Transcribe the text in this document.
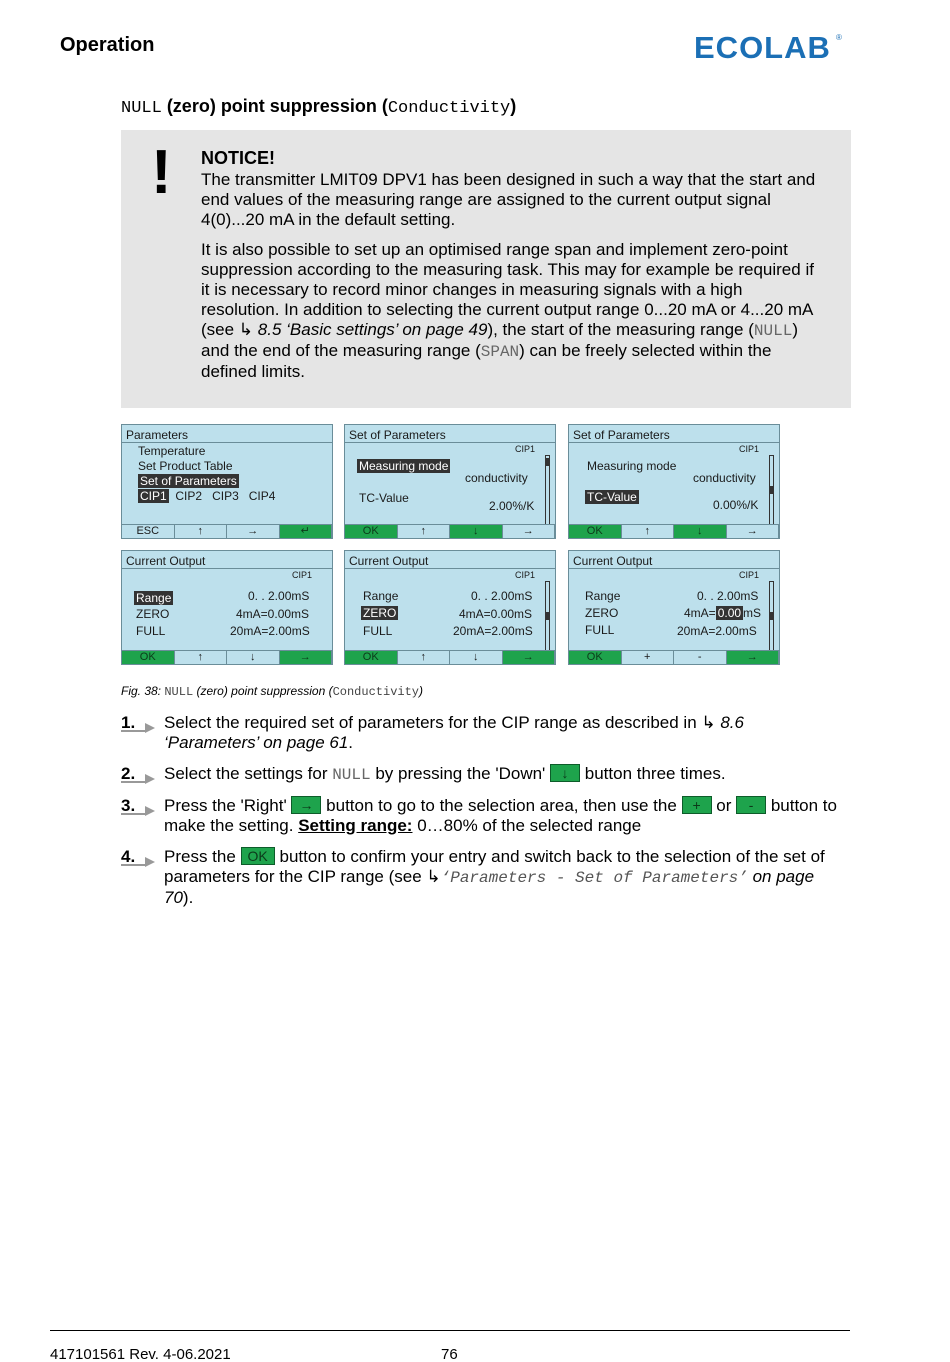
Operation	ECOLAB ®
NULL (zero) point suppression (Conductivity)
! NOTICE!

The transmitter LMIT09 DPV1 has been designed in such a way that the start and end values of the measuring range are assigned to the current output signal 4(0)...20 mA in the default setting.

It is also possible to set up an optimised range span and implement zero-point suppression according to the measuring task. This may for example be required if it is necessary to record minor changes in measuring signals with a high resolution. In addition to selecting the current output range 0...20 mA or 4...20 mA (see ↳ 8.5 ‘Basic settings’ on page 49), the start of the measuring range (NULL) and the end of the measuring range (SPAN) can be freely selected within the defined limits.

Parameters
Temperature
Set Product Table
Set of Parameters
CIP1 CIP2 CIP3 CIP4
ESC	↑	→	↵
Set of Parameters
CIP1
Measuring mode
conductivity
TC-Value
2.00%/K
OK	↑	↓	→
Set of Parameters
CIP1
Measuring mode
conductivity
TC-Value
0.00%/K
OK	↑	↓	→
Current Output
CIP1
Range	0. . 2.00mS
ZERO	4mA=0.00mS
FULL	20mA=2.00mS
OK	↑	↓	→
Current Output
CIP1
Range	0. . 2.00mS
ZERO	4mA=0.00mS
FULL	20mA=2.00mS
OK	↑	↓	→
Current Output
CIP1
Range	0. . 2.00mS
ZERO	4mA= 0.00 mS
FULL	20mA=2.00mS
OK	+	-	→
Fig. 38: NULL (zero) point suppression (Conductivity)
1. Select the required set of parameters for the CIP range as described in ↳ 8.6 ‘Parameters’ on page 61.
2. Select the settings for NULL by pressing the 'Down' ↓ button three times.
3. Press the 'Right' → button to go to the selection area, then use the + or - button to make the setting. Setting range: 0…80% of the selected range
4. Press the OK button to confirm your entry and switch back to the selection of the set of parameters for the CIP range (see ↳‘Parameters - Set of Parameters’ on page 70).
417101561 Rev. 4-06.2021	76
